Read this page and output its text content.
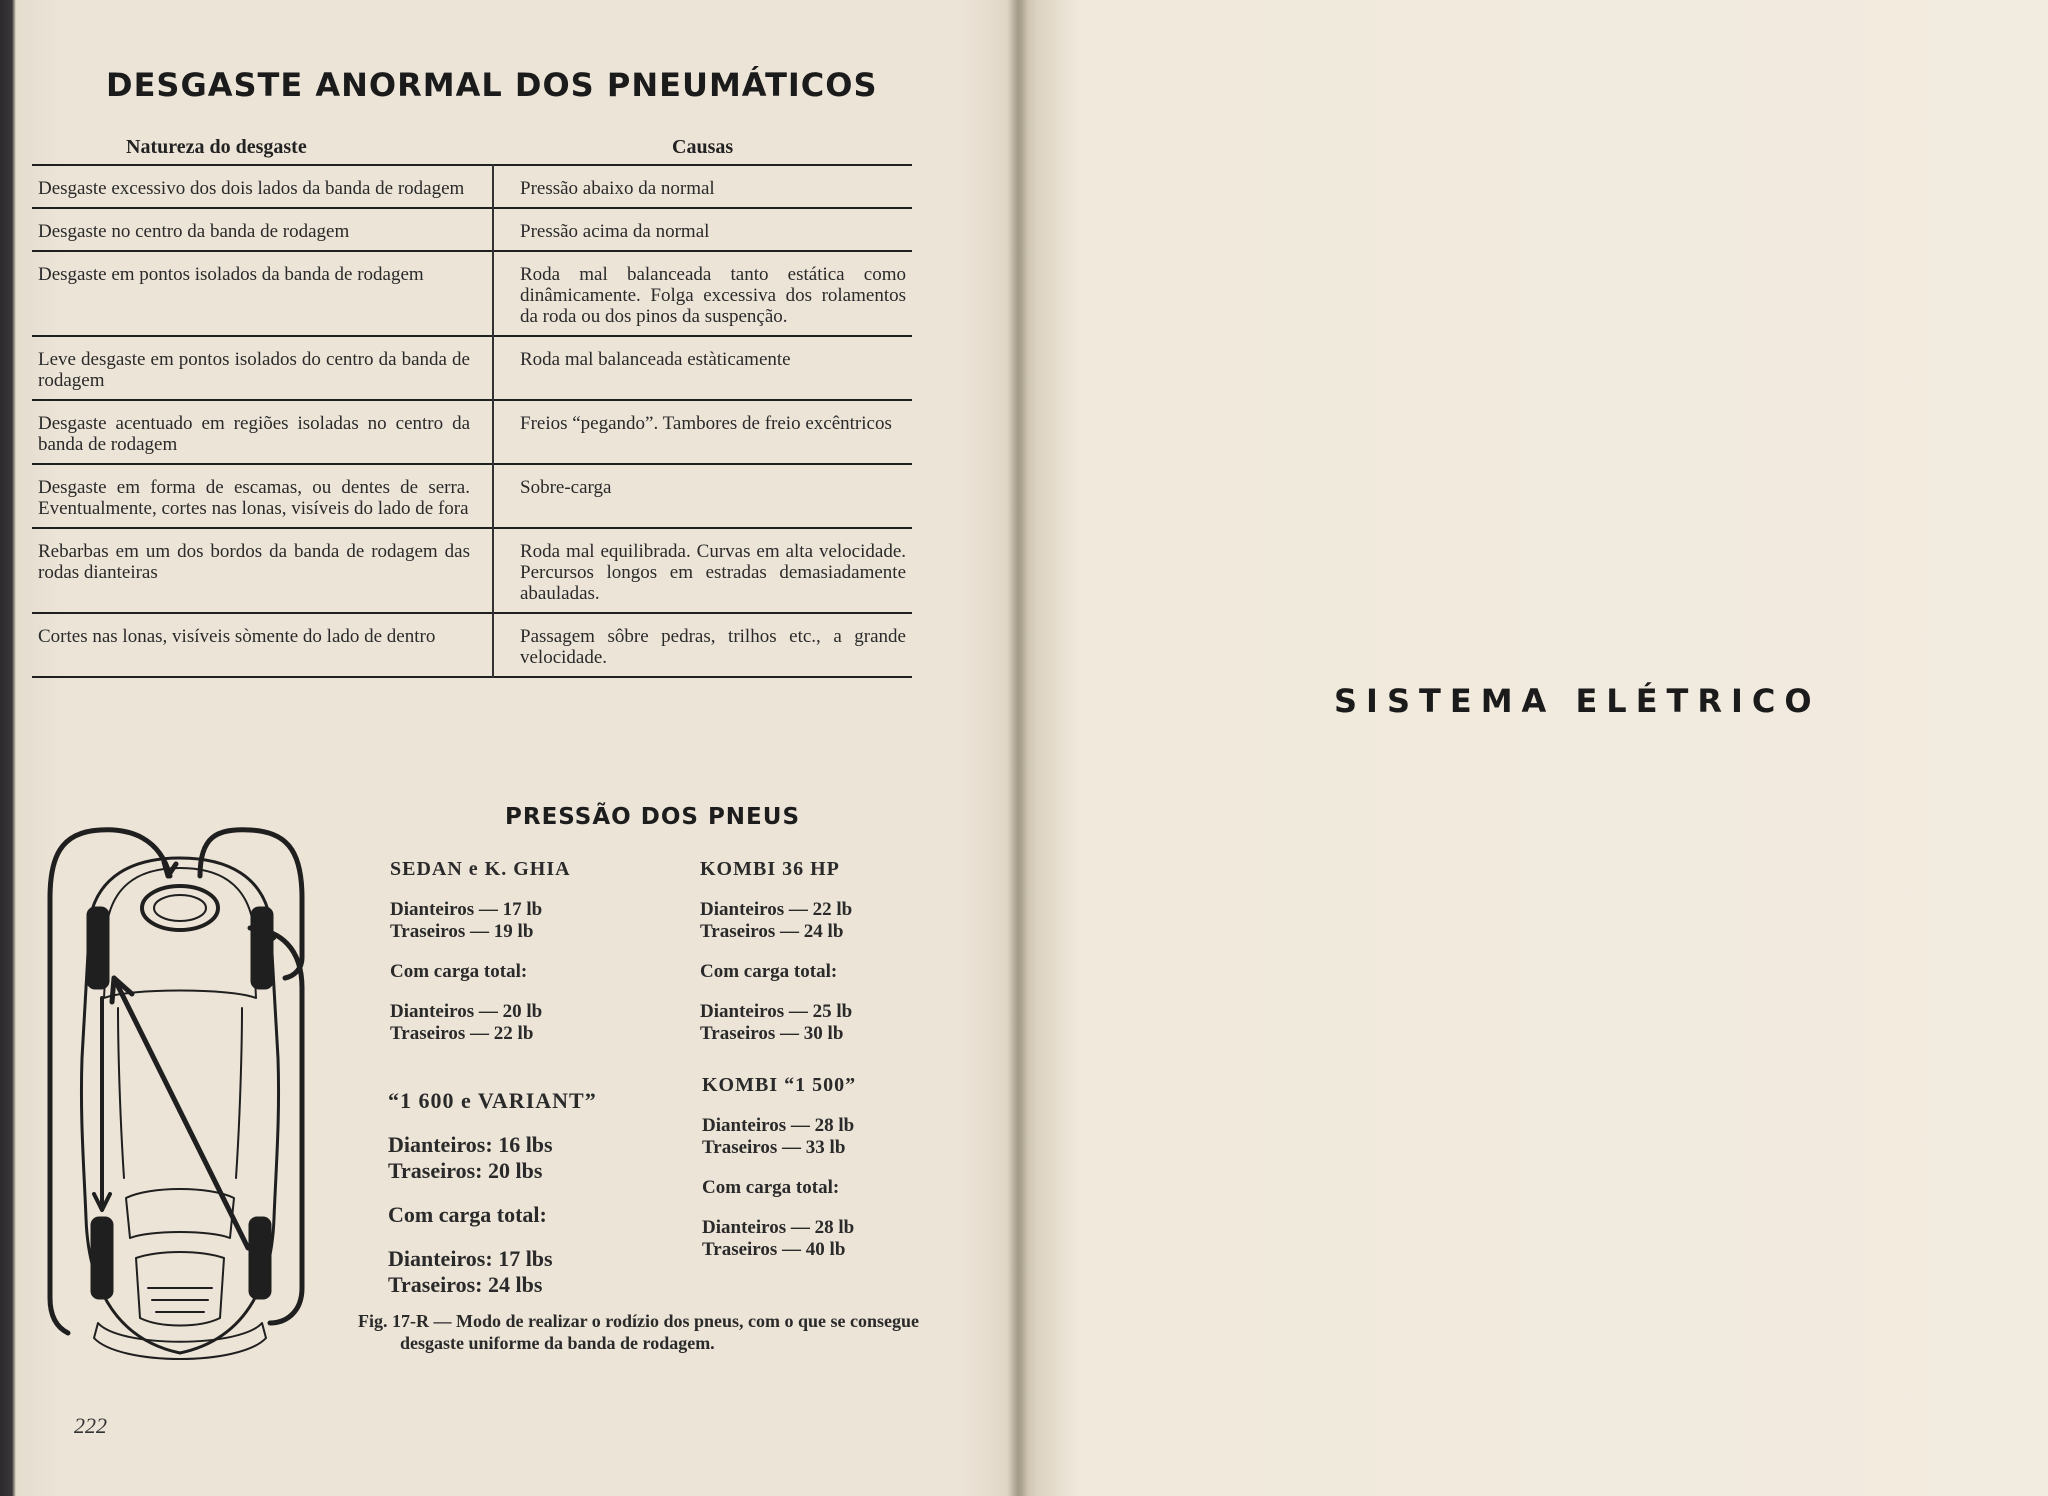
DESGASTE ANORMAL DOS PNEUMÁTICOS
Natureza do desgaste	Causas
Desgaste excessivo dos dois lados da banda de rodagem	Pressão abaixo da normal
Desgaste no centro da banda de rodagem	Pressão acima da normal
Desgaste em pontos isolados da banda de rodagem	Roda mal balanceada tanto estática como dinâmicamente. Folga excessiva dos rolamentos da roda ou dos pinos da suspenção.
Leve desgaste em pontos isolados do centro da banda de rodagem	Roda mal balanceada estàticamente
Desgaste acentuado em regiões isoladas no centro da banda de rodagem	Freios “pegando”. Tambores de freio excêntricos
Desgaste em forma de escamas, ou dentes de serra. Eventualmente, cortes nas lonas, visíveis do lado de fora	Sobre-carga
Rebarbas em um dos bordos da banda de rodagem das rodas dianteiras	Roda mal equilibrada. Curvas em alta velocidade. Percursos longos em estradas demasiadamente abauladas.
Cortes nas lonas, visíveis sòmente do lado de dentro	Passagem sôbre pedras, trilhos etc., a grande velocidade.
PRESSÃO DOS PNEUS
SEDAN e K. GHIA
Dianteiros — 17 lb
Traseiros — 19 lb
Com carga total:
Dianteiros — 20 lb
Traseiros — 22 lb
“1 600 e VARIANT”
Dianteiros: 16 lbs
Traseiros: 20 lbs
Com carga total:
Dianteiros: 17 lbs
Traseiros: 24 lbs
KOMBI 36 HP
Dianteiros — 22 lb
Traseiros — 24 lb
Com carga total:
Dianteiros — 25 lb
Traseiros — 30 lb
KOMBI “1 500”
Dianteiros — 28 lb
Traseiros — 33 lb
Com carga total:
Dianteiros — 28 lb
Traseiros — 40 lb
Fig. 17-R — Modo de realizar o rodízio dos pneus, com o que se consegue desgaste uniforme da banda de rodagem.
222
SISTEMA ELÉTRICO
